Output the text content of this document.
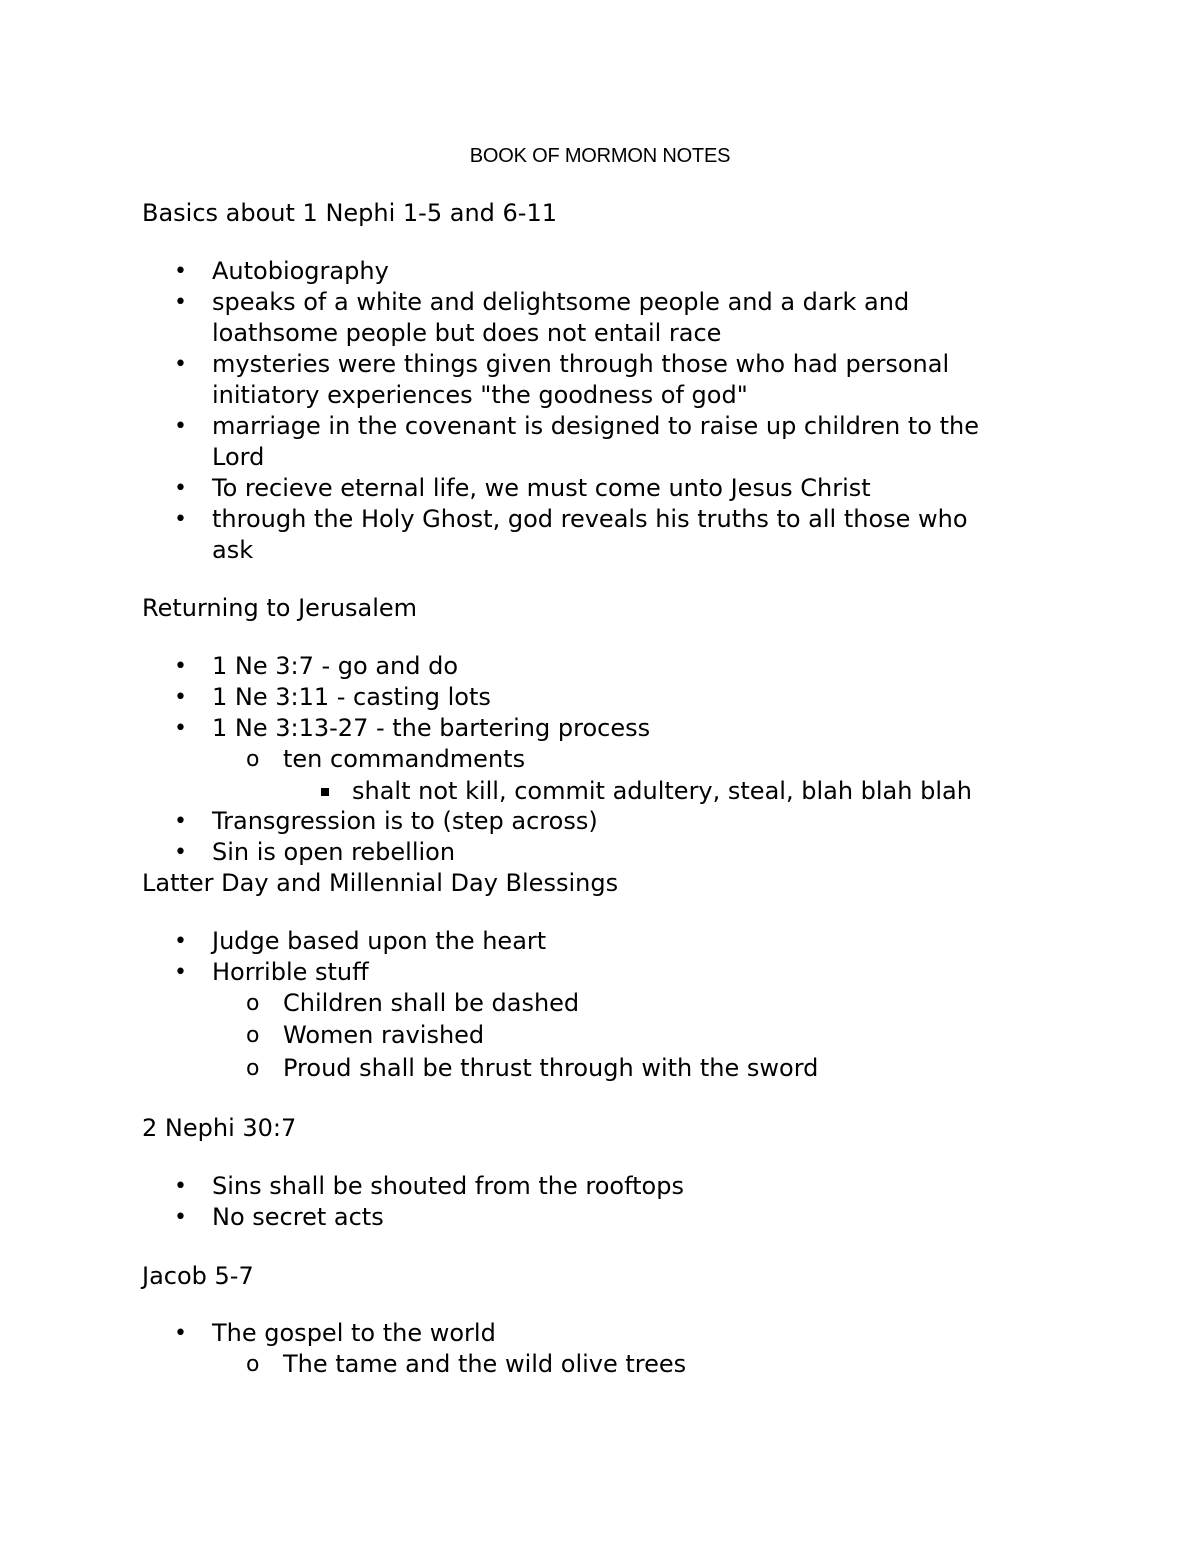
BOOK OF MORMON NOTES
Basics about 1 Nephi 1-5 and 6-11
• Autobiography
• speaks of a white and delightsome people and a dark and
loathsome people but does not entail race
• mysteries were things given through those who had personal
initiatory experiences "the goodness of god"
• marriage in the covenant is designed to raise up children to the
Lord
• To recieve eternal life, we must come unto Jesus Christ
• through the Holy Ghost, god reveals his truths to all those who
ask
Returning to Jerusalem
• 1 Ne 3:7 - go and do
• 1 Ne 3:11 - casting lots
• 1 Ne 3:13-27 - the bartering process
o ten commandments
shalt not kill, commit adultery, steal, blah blah blah
• Transgression is to (step across)
• Sin is open rebellion
Latter Day and Millennial Day Blessings
• Judge based upon the heart
• Horrible stuff
o Children shall be dashed
o Women ravished
o Proud shall be thrust through with the sword
2 Nephi 30:7
• Sins shall be shouted from the rooftops
• No secret acts
Jacob 5-7
• The gospel to the world
o The tame and the wild olive trees
